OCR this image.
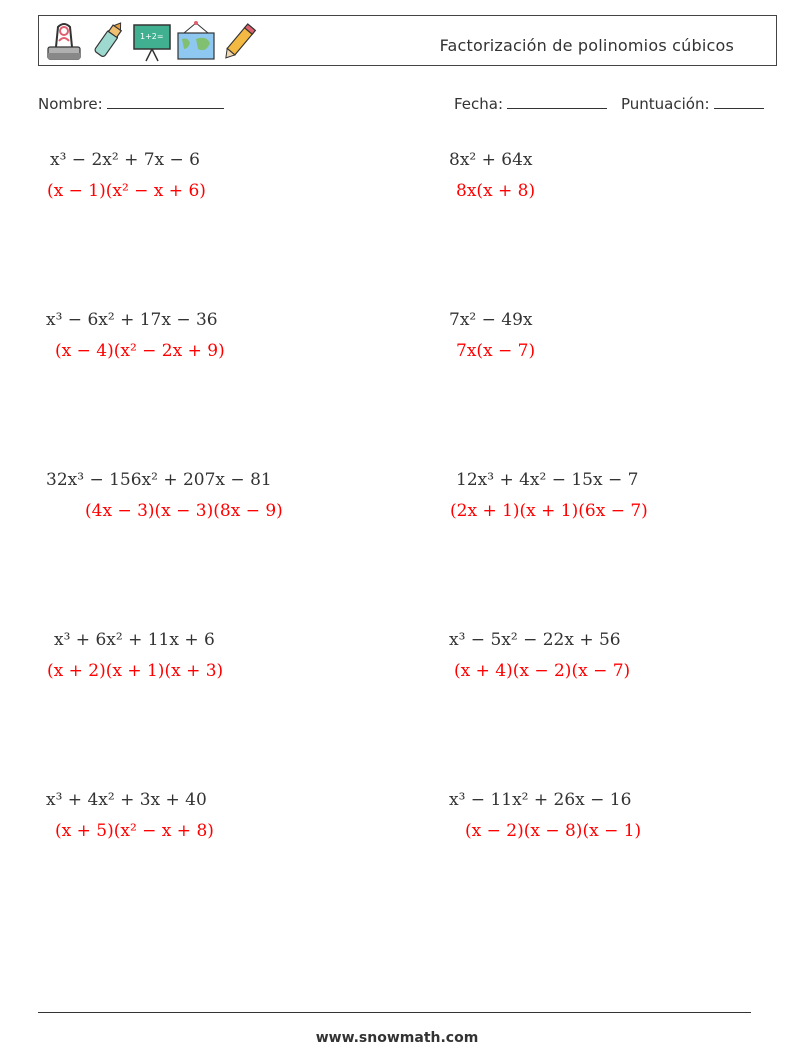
1+2=	Factorización de polinomios cúbicos
Nombre:	Fecha:	Puntuación:
x³ − 2x² + 7x − 6
(x − 1)(x² − x + 6)
8x² + 64x
8x(x + 8)
x³ − 6x² + 17x − 36
(x − 4)(x² − 2x + 9)
7x² − 49x
7x(x − 7)
32x³ − 156x² + 207x − 81
(4x − 3)(x − 3)(8x − 9)
12x³ + 4x² − 15x − 7
(2x + 1)(x + 1)(6x − 7)
x³ + 6x² + 11x + 6
(x + 2)(x + 1)(x + 3)
x³ − 5x² − 22x + 56
(x + 4)(x − 2)(x − 7)
x³ + 4x² + 3x + 40
(x + 5)(x² − x + 8)
x³ − 11x² + 26x − 16
(x − 2)(x − 8)(x − 1)
www.snowmath.com
